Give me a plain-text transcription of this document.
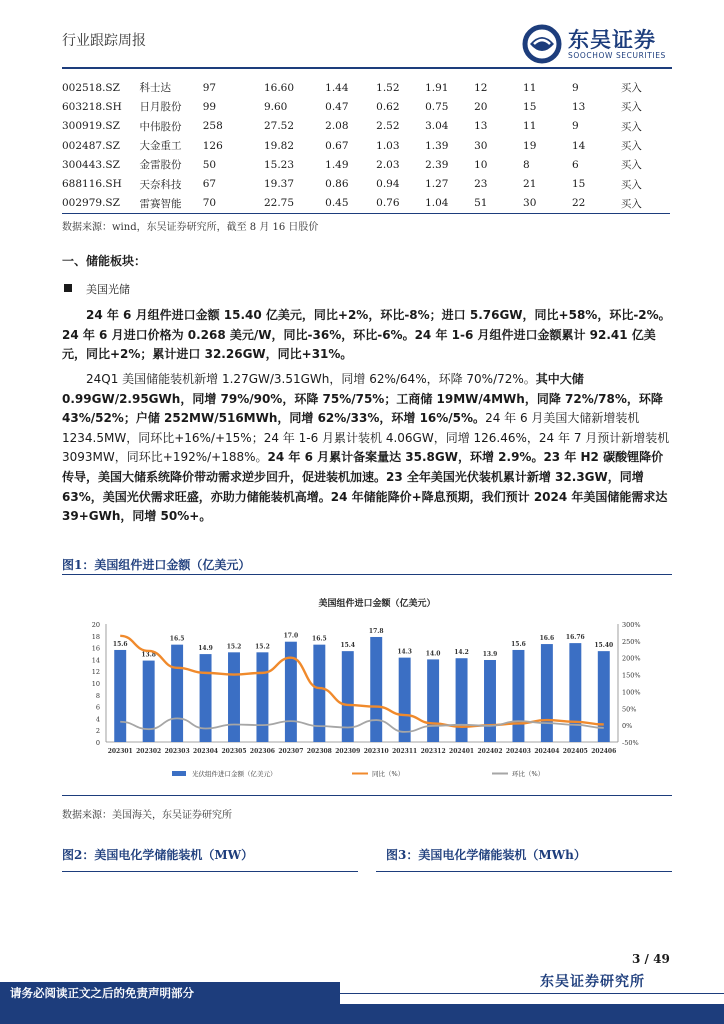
行业跟踪周报	东吴证券
SOOCHOW SECURITIES
002518.SZ	科士达	97	16.60	1.44	1.52	1.91	12	11	9	买入
603218.SH	日月股份	99	9.60	0.47	0.62	0.75	20	15	13	买入
300919.SZ	中伟股份	258	27.52	2.08	2.52	3.04	13	11	9	买入
002487.SZ	大金重工	126	19.82	0.67	1.03	1.39	30	19	14	买入
300443.SZ	金雷股份	50	15.23	1.49	2.03	2.39	10	8	6	买入
688116.SH	天奈科技	67	19.37	0.86	0.94	1.27	23	21	15	买入
002979.SZ	雷赛智能	70	22.75	0.45	0.76	1.04	51	30	22	买入
数据来源：wind，东吴证券研究所，截至 8 月 16 日股价
一、储能板块：
美国光储
24 年 6 月组件进口金额 15.40 亿美元，同比+2%，环比-8%；进口 5.76GW，同比+58%，环比-2%。24 年 6 月进口价格为 0.268 美元/W，同比-36%，环比-6%。24 年 1-6 月组件进口金额累计 92.41 亿美元，同比+2%；累计进口 32.26GW，同比+31%。
24Q1 美国储能装机新增 1.27GW/3.51GWh，同增 62%/64%，环降 70%/72%。其中大储 0.99GW/2.95GWh，同增 79%/90%，环降 75%/75%；工商储 19MW/4MWh，同降 72%/78%，环降 43%/52%；户储 252MW/516MWh，同增 62%/33%，环增 16%/5%。24 年 6 月美国大储新增装机 1234.5MW，同环比+16%/+15%；24 年 1-6 月累计装机 4.06GW，同增 126.46%，24 年 7 月预计新增装机 3093MW，同环比+192%/+188%。24 年 6 月累计备案量达 35.8GW，环增 2.9%。23 年 H2 碳酸锂降价传导，美国大储系统降价带动需求逆步回升，促进装机加速。23 全年美国光伏装机累计新增 32.3GW，同增 63%，美国光伏需求旺盛，亦助力储能装机高增。24 年储能降价+降息预期，我们预计 2024 年美国储能需求达 39+GWh，同增 50%+。
图1：美国组件进口金额（亿美元）
美国组件进口金额（亿美元）
0
2
4
6
8
10
12
14
16
18
20
-50%
0%
50%
100%
150%
200%
250%
300%
15.6
13.8
16.5
14.9 15.2 15.2
17.0 16.5
15.4
17.8
14.3 14.0 14.2 13.9
15.6
16.6 16.76
15.40
202301 202302 202303 202304 202305 202306 202307 202308 202309 202310 202311 202312 202401 202402 202403 202404 202405 202406
光伏组件进口金额（亿美元）	同比（%）	环比（%）
数据来源：美国海关，东吴证券研究所
图2：美国电化学储能装机（MW）	图3：美国电化学储能装机（MWh）
3 / 49
东吴证券研究所
请务必阅读正文之后的免责声明部分
